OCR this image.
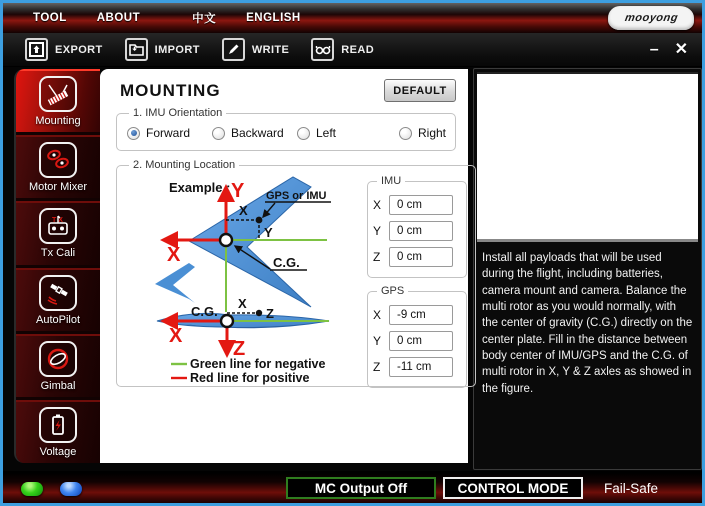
TOOL	ABOUT	中文	ENGLISH	mooyong
EXPORT	IMPORT	WRITE	READ	– ✕
Mounting
Motor Mixer
T X
Tx Cali
AutoPilot
Gimbal
Voltage
MOUNTING	DEFAULT
1. IMU Orientation
Forward	Backward	Left	Right
2. Mounting Location
Example : Y
X
X
Y
GPS or IMU
C.G.
X
Z
X
Z
C.G.
Green line for negative
Red line for positive
IMU
X
0 cm
Y
0 cm
Z
0 cm
GPS
X
-9 cm
Y
0 cm
Z
-11 cm
Install all payloads that will be used during the flight, including batteries, camera mount and camera. Balance the multi rotor as you would normally, with the center of gravity (C.G.) directly on the center plate. Fill in the distance between body center of IMU/GPS and the C.G. of multi rotor in X, Y & Z axles as showed in the figure.
MC Output Off	CONTROL MODE	Fail-Safe
